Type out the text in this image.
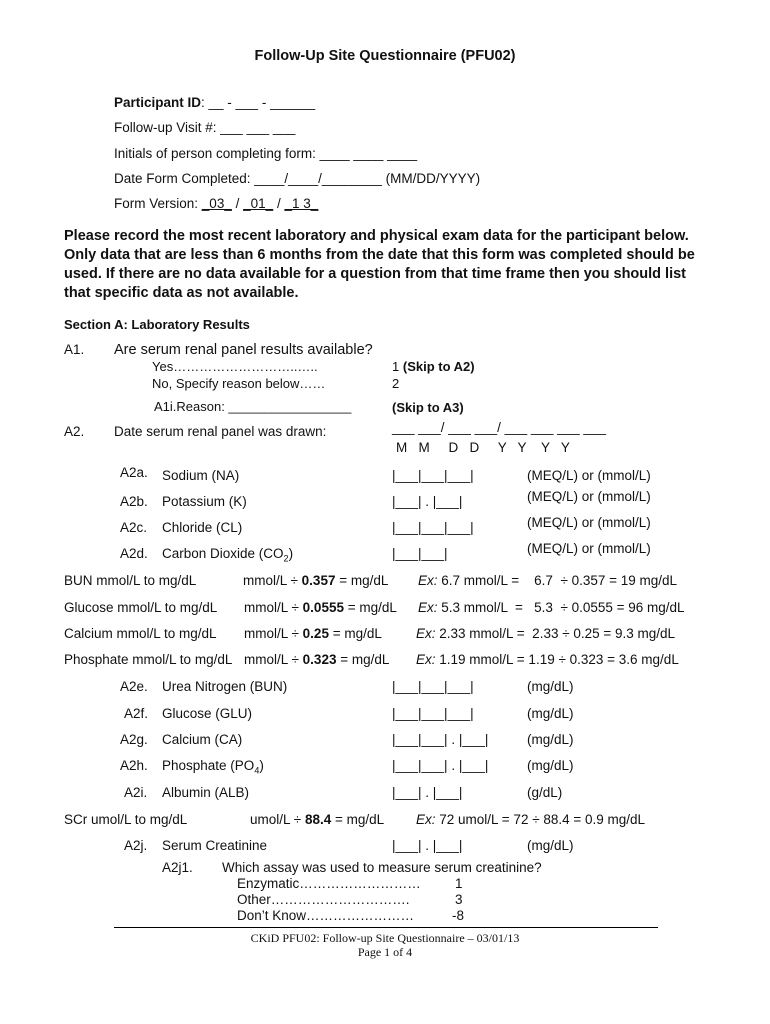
Follow-Up Site Questionnaire (PFU02)
Participant ID: __ - ___ - ______
Follow-up Visit #: ___ ___ ___
Initials of person completing form: ____ ____ ____
Date Form Completed: ____/____/________ (MM/DD/YYYY)
Form Version: _03_ / _01_ / _1 3_
Please record the most recent laboratory and physical exam data for the participant below. Only data that are less than 6 months from the date that this form was completed should be used. If there are no data available for a question from that time frame then you should list that specific data as not available.
Section A: Laboratory Results
A1. Are serum renal panel results available?
Yes………………………..…..	1 (Skip to A2)
No, Specify reason below……	2
A1i.Reason: _________________	(Skip to A3)
A2. Date serum renal panel was drawn:	___ ___/ ___ ___/ ___ ___ ___ ___
M   M     D   D     Y   Y    Y   Y
A2a. Sodium (NA)	|___|___|___|	(MEQ/L) or (mmol/L)
A2b. Potassium (K)	|___| . |___|	(MEQ/L) or (mmol/L)
A2c. Chloride (CL)	|___|___|___|	(MEQ/L) or (mmol/L)
A2d. Carbon Dioxide $(CO_2)$	|___|___|	(MEQ/L) or (mmol/L)
BUN mmol/L to mg/dL	mmol/L ÷ 0.357 = mg/dL Ex: 6.7 mmol/L =    6.7  ÷ 0.357 = 19 mg/dL
Glucose mmol/L to mg/dL mmol/L ÷ 0.0555 = mg/dL Ex: 5.3 mmol/L  =   5.3  ÷ 0.0555 = 96 mg/dL
Calcium mmol/L to mg/dL mmol/L ÷ 0.25 = mg/dL	Ex: 2.33 mmol/L =  2.33 ÷ 0.25 = 9.3 mg/dL
Phosphate mmol/L to mg/dL mmol/L ÷ 0.323 = mg/dL Ex: 1.19 mmol/L = 1.19 ÷ 0.323 = 3.6 mg/dL
A2e. Urea Nitrogen (BUN)	|___|___|___|	(mg/dL)
A2f. Glucose (GLU)	|___|___|___|	(mg/dL)
A2g. Calcium (CA)	|___|___| . |___|	(mg/dL)
A2h. Phosphate $(PO_4)$	|___|___| . |___|	(mg/dL)
A2i. Albumin (ALB)	|___| . |___|	(g/dL)
SCr umol/L to mg/dL	umol/L ÷ 88.4 = mg/dL Ex: 72 umol/L = 72 ÷ 88.4 = 0.9 mg/dL
A2j. Serum Creatinine	|___| . |___|	(mg/dL)
A2j1. Which assay was used to measure serum creatinine?
Enzymatic………………………	1
Other………………………….	3
Don’t Know……………………	-8
CKiD PFU02: Follow-up Site Questionnaire – 03/01/13
Page 1 of 4
